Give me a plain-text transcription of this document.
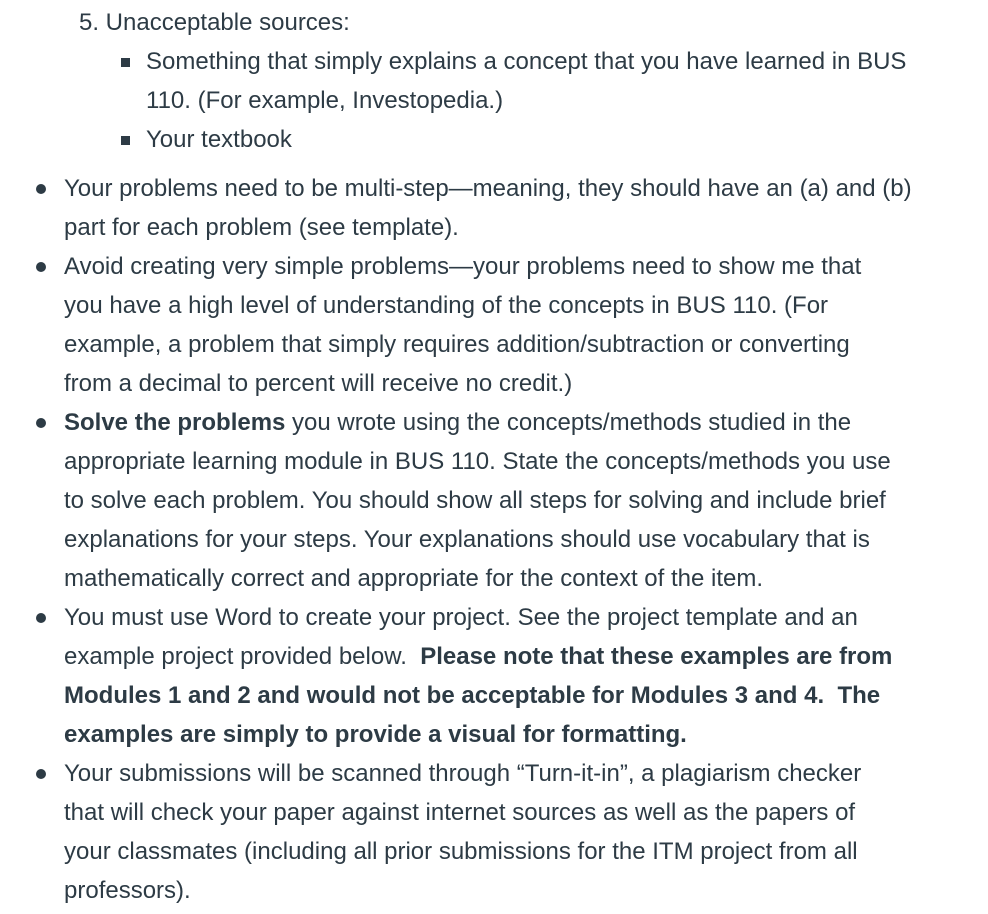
5. Unacceptable sources:
Something that simply explains a concept that you have learned in BUS
110. (For example, Investopedia.)
Your textbook
Your problems need to be multi-step—meaning, they should have an (a) and (b)
part for each problem (see template).
Avoid creating very simple problems—your problems need to show me that
you have a high level of understanding of the concepts in BUS 110. (For
example, a problem that simply requires addition/subtraction or converting
from a decimal to percent will receive no credit.)
Solve the problems you wrote using the concepts/methods studied in the
appropriate learning module in BUS 110. State the concepts/methods you use
to solve each problem. You should show all steps for solving and include brief
explanations for your steps. Your explanations should use vocabulary that is
mathematically correct and appropriate for the context of the item.
You must use Word to create your project. See the project template and an
example project provided below.  Please note that these examples are from
Modules 1 and 2 and would not be acceptable for Modules 3 and 4.  The
examples are simply to provide a visual for formatting.
Your submissions will be scanned through “Turn-it-in”, a plagiarism checker
that will check your paper against internet sources as well as the papers of
your classmates (including all prior submissions for the ITM project from all
professors).
